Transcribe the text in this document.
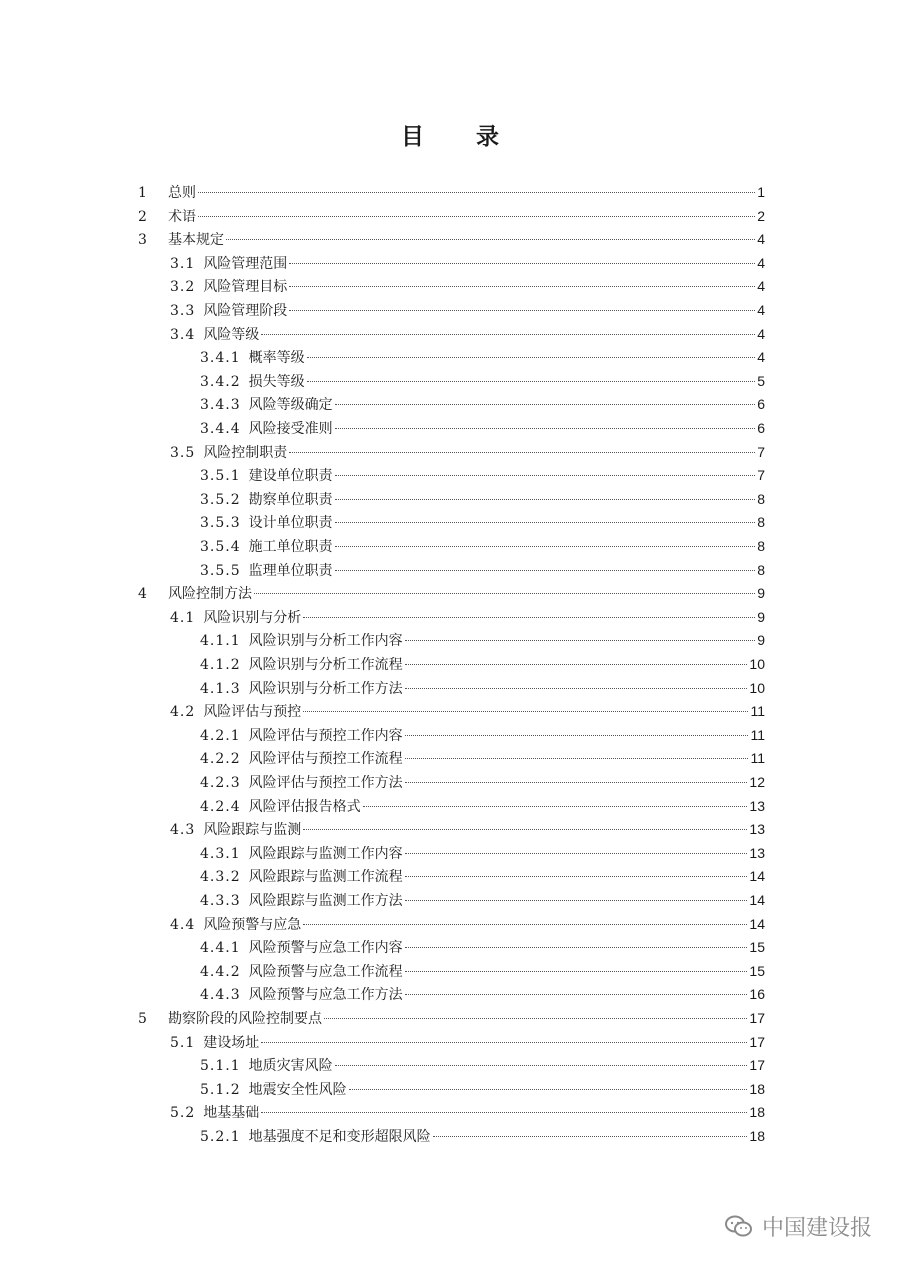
目 录
1	总则	1
2	术语	2
3	基本规定	4
3.1 风险管理范围	4
3.2 风险管理目标	4
3.3 风险管理阶段	4
3.4 风险等级	4
3.4.1 概率等级	4
3.4.2 损失等级	5
3.4.3 风险等级确定	6
3.4.4 风险接受准则	6
3.5 风险控制职责	7
3.5.1 建设单位职责	7
3.5.2 勘察单位职责	8
3.5.3 设计单位职责	8
3.5.4 施工单位职责	8
3.5.5 监理单位职责	8
4	风险控制方法	9
4.1 风险识别与分析	9
4.1.1 风险识别与分析工作内容	9
4.1.2 风险识别与分析工作流程	10
4.1.3 风险识别与分析工作方法	10
4.2 风险评估与预控	11
4.2.1 风险评估与预控工作内容	11
4.2.2 风险评估与预控工作流程	11
4.2.3 风险评估与预控工作方法	12
4.2.4 风险评估报告格式	13
4.3 风险跟踪与监测	13
4.3.1 风险跟踪与监测工作内容	13
4.3.2 风险跟踪与监测工作流程	14
4.3.3 风险跟踪与监测工作方法	14
4.4 风险预警与应急	14
4.4.1 风险预警与应急工作内容	15
4.4.2 风险预警与应急工作流程	15
4.4.3 风险预警与应急工作方法	16
5	勘察阶段的风险控制要点	17
5.1 建设场址	17
5.1.1 地质灾害风险	17
5.1.2 地震安全性风险	18
5.2 地基基础	18
5.2.1 地基强度不足和变形超限风险	18
中国建设报
